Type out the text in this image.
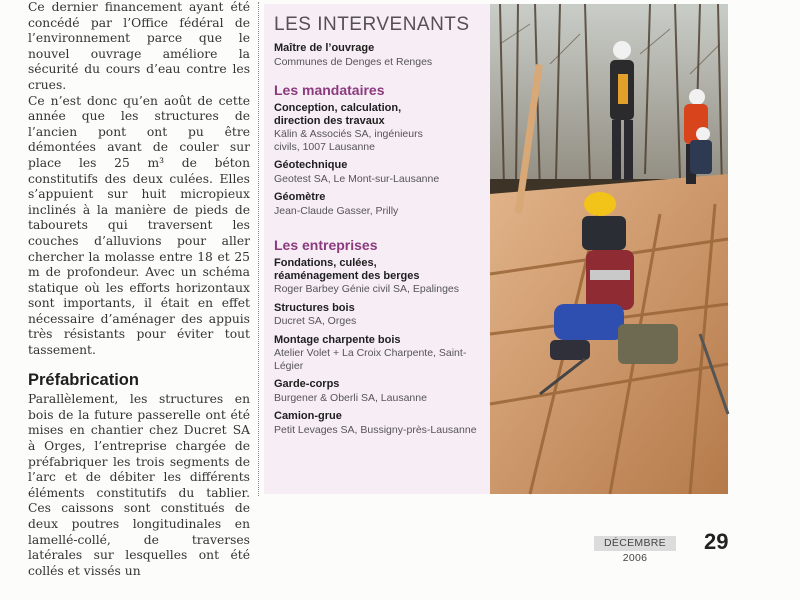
Ce dernier financement ayant été concédé par l’Office fédéral de l’environnement parce que le nouvel ouvrage améliore la sécurité du cours d’eau contre les crues.

Ce n’est donc qu’en août de cette année que les structures de l’ancien pont ont pu être démontées avant de couler sur place les 25 m³ de béton constitutifs des deux culées. Elles s’appuient sur huit micropieux inclinés à la manière de pieds de tabourets qui traversent les couches d’alluvions pour aller chercher la molasse entre 18 et 25 m de profondeur. Avec un schéma statique où les efforts horizontaux sont importants, il était en effet nécessaire d’aménager des appuis très résistants pour éviter tout tassement.

Préfabrication

Parallèlement, les structures en bois de la future passerelle ont été mises en chantier chez Ducret SA à Orges, l’entreprise chargée de préfabriquer les trois segments de l’arc et de débiter les différents éléments constitutifs du tablier. Ces caissons sont constitués de deux poutres longitudinales en lamellé-collé, de traverses latérales sur lesquelles ont été collés et vissés un

LES INTERVENANTS
Maître de l’ouvrage
Communes de Denges et Renges
Les mandataires
Conception, calculation, direction des travaux
Kälin & Associés SA, ingénieurs civils, 1007 Lausanne
Géotechnique
Geotest SA, Le Mont-sur-Lausanne
Géomètre
Jean-Claude Gasser, Prilly
Les entreprises
Fondations, culées, réaménagement des berges
Roger Barbey Génie civil SA, Epalinges
Structures bois
Ducret SA, Orges
Montage charpente bois
Atelier Volet + La Croix Charpente, Saint-Légier
Garde-corps
Burgener & Oberli SA, Lausanne
Camion-grue
Petit Levages SA, Bussigny-près-Lausanne
DÉCEMBRE 2006
29
